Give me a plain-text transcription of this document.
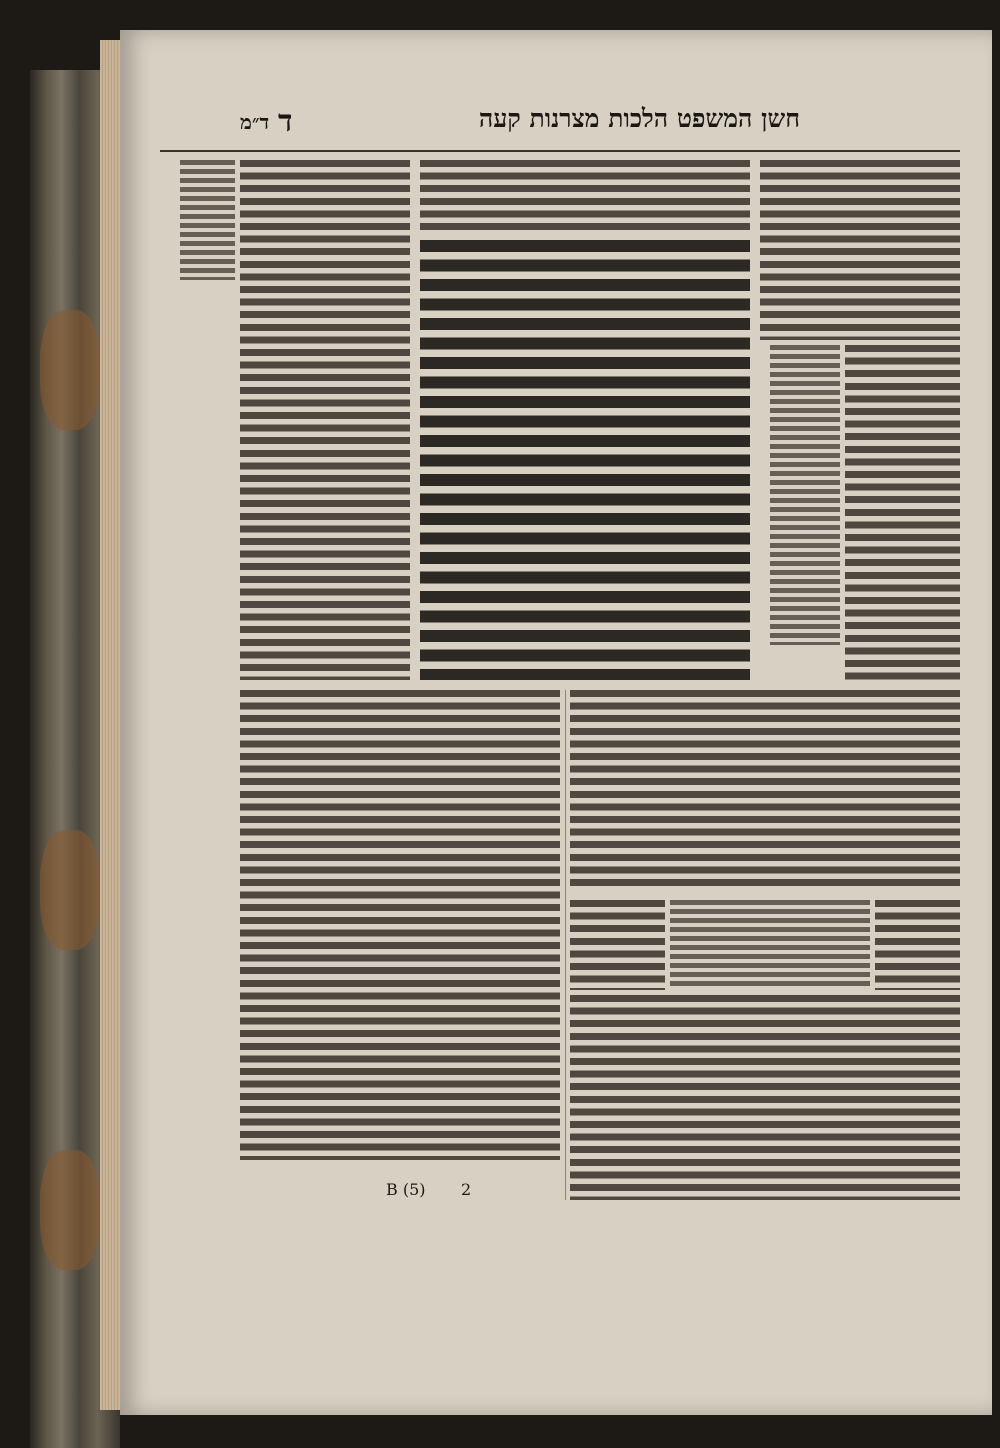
חשן המשפט הלכות מצרנות קעה
ד
ד״מ
B (5) 2
